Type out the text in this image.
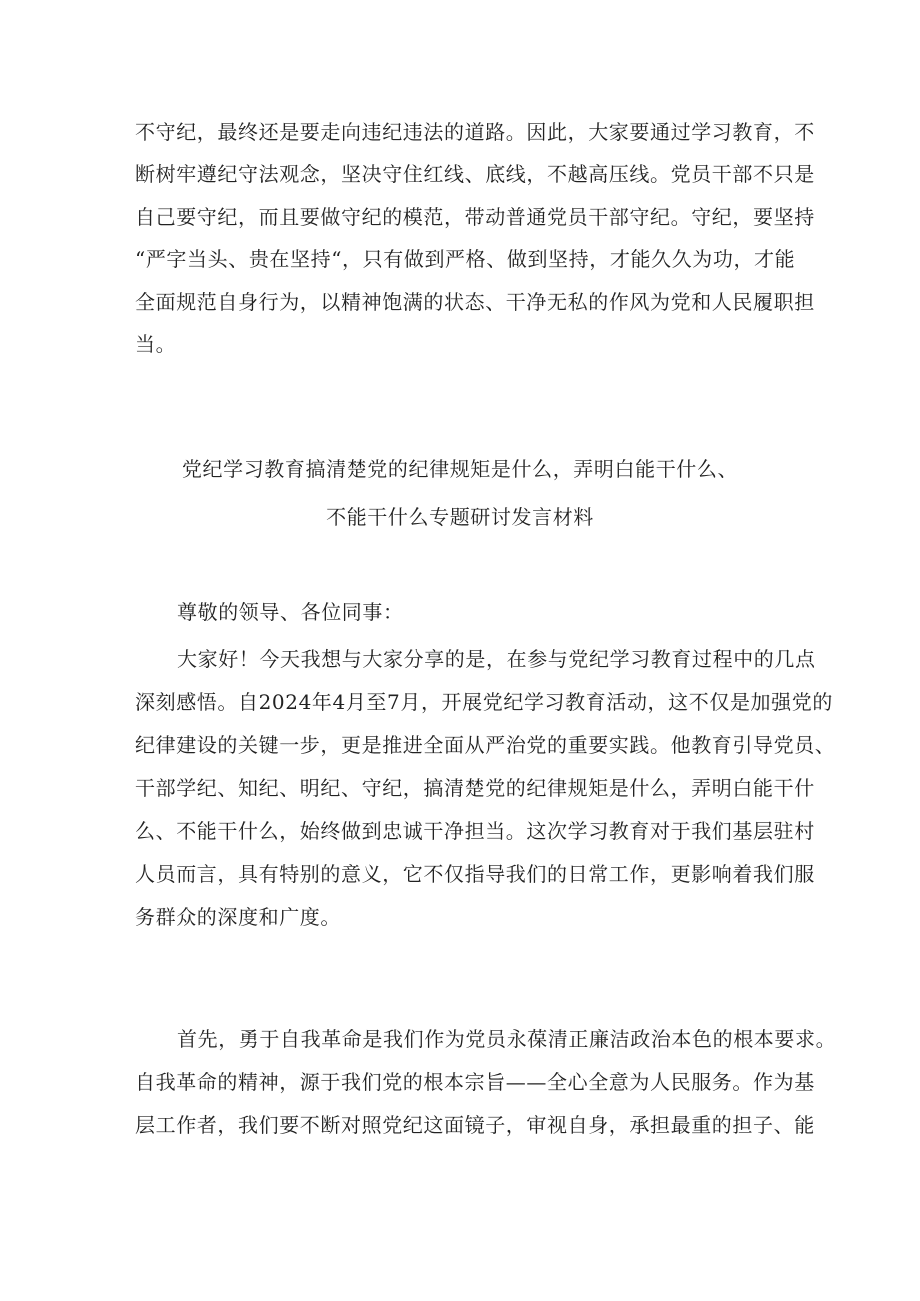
不守纪，最终还是要走向违纪违法的道路。因此，大家要通过学习教育，不
断树牢遵纪守法观念，坚决守住红线、底线，不越高压线。党员干部不只是
自己要守纪，而且要做守纪的模范，带动普通党员干部守纪。守纪，要坚持
“严字当头、贵在坚持“，只有做到严格、做到坚持，才能久久为功，才能
全面规范自身行为，以精神饱满的状态、干净无私的作风为党和人民履职担
当。
党纪学习教育搞清楚党的纪律规矩是什么，弄明白能干什么、
不能干什么专题研讨发言材料
尊敬的领导、各位同事：
大家好！今天我想与大家分享的是，在参与党纪学习教育过程中的几点
深刻感悟。自2024年4月至7月，开展党纪学习教育活动，这不仅是加强党的
纪律建设的关键一步，更是推进全面从严治党的重要实践。他教育引导党员、
干部学纪、知纪、明纪、守纪，搞清楚党的纪律规矩是什么，弄明白能干什
么、不能干什么，始终做到忠诚干净担当。这次学习教育对于我们基层驻村
人员而言，具有特别的意义，它不仅指导我们的日常工作，更影响着我们服
务群众的深度和广度。
首先，勇于自我革命是我们作为党员永葆清正廉洁政治本色的根本要求。
自我革命的精神，源于我们党的根本宗旨——全心全意为人民服务。作为基
层工作者，我们要不断对照党纪这面镜子，审视自身，承担最重的担子、能
